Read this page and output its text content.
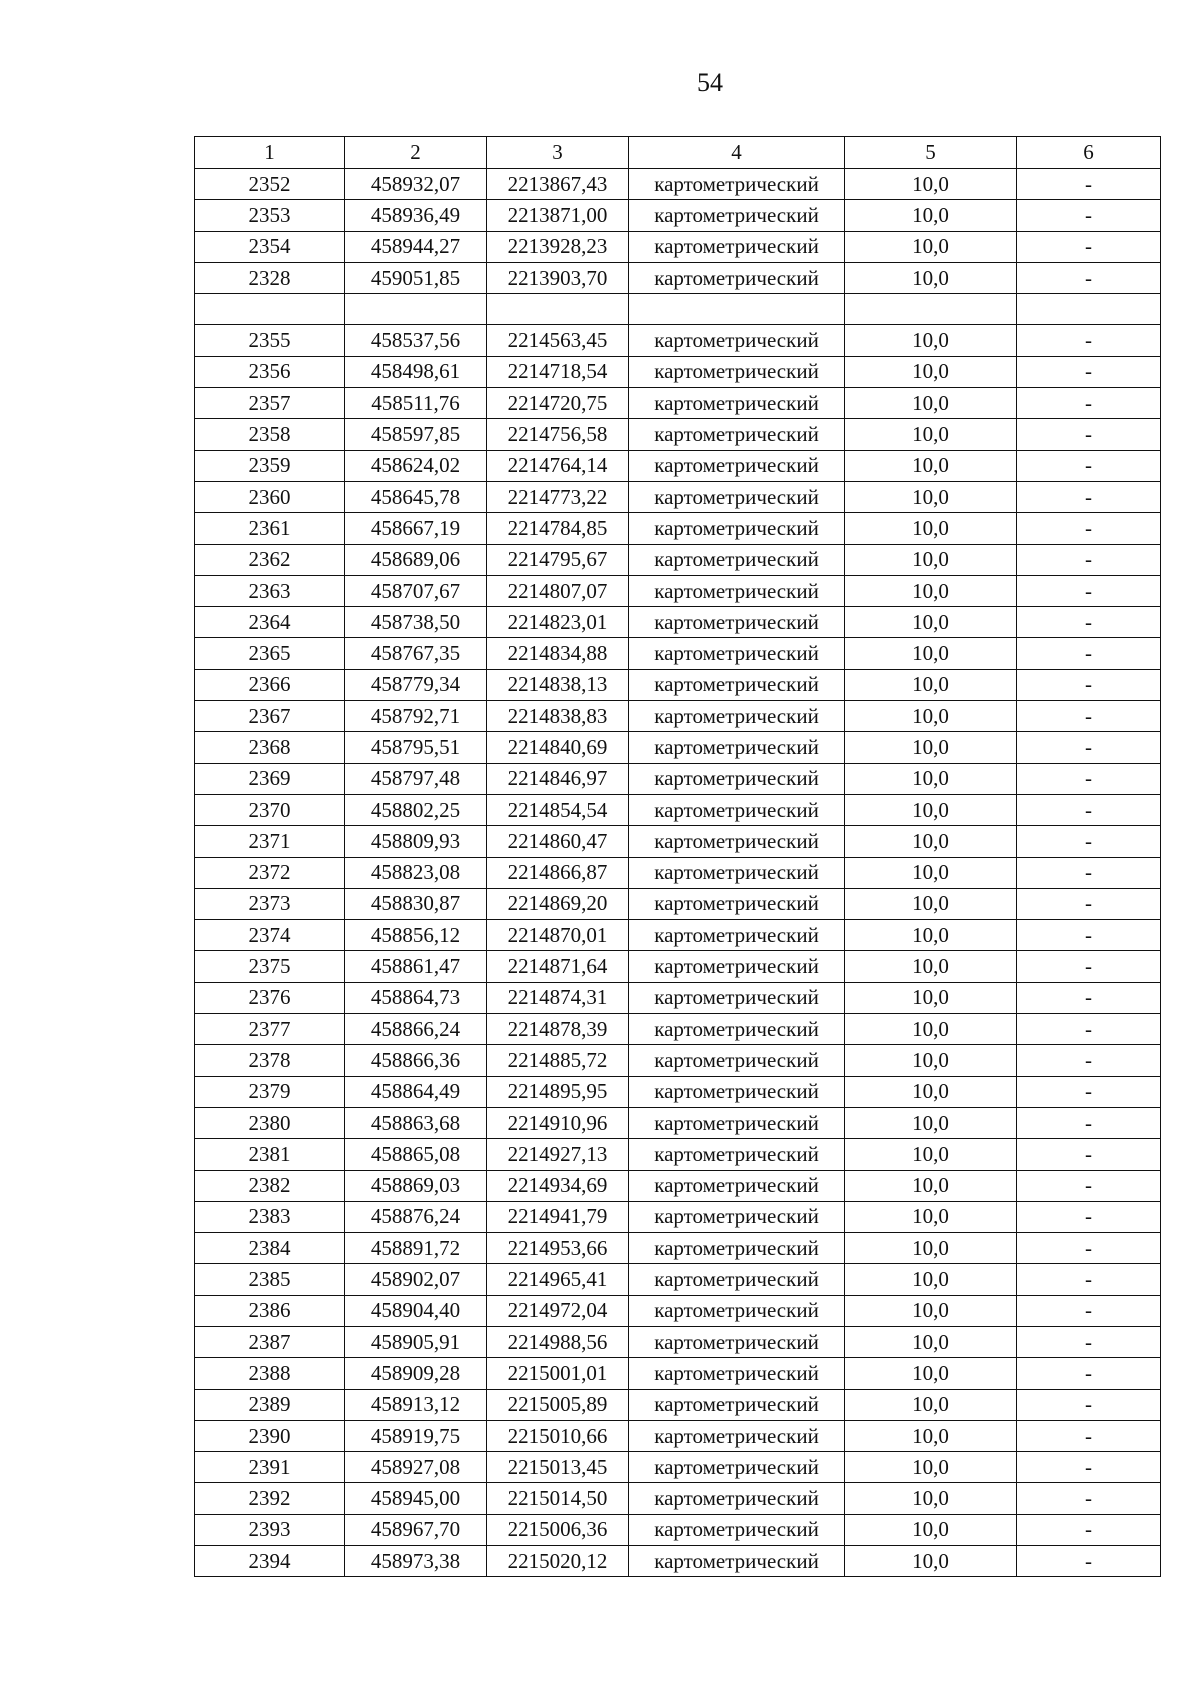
54
1	2	3	4	5	6
2352	458932,07	2213867,43	картометрический	10,0	-
2353	458936,49	2213871,00	картометрический	10,0	-
2354	458944,27	2213928,23	картометрический	10,0	-
2328	459051,85	2213903,70	картометрический	10,0	-

2355	458537,56	2214563,45	картометрический	10,0	-
2356	458498,61	2214718,54	картометрический	10,0	-
2357	458511,76	2214720,75	картометрический	10,0	-
2358	458597,85	2214756,58	картометрический	10,0	-
2359	458624,02	2214764,14	картометрический	10,0	-
2360	458645,78	2214773,22	картометрический	10,0	-
2361	458667,19	2214784,85	картометрический	10,0	-
2362	458689,06	2214795,67	картометрический	10,0	-
2363	458707,67	2214807,07	картометрический	10,0	-
2364	458738,50	2214823,01	картометрический	10,0	-
2365	458767,35	2214834,88	картометрический	10,0	-
2366	458779,34	2214838,13	картометрический	10,0	-
2367	458792,71	2214838,83	картометрический	10,0	-
2368	458795,51	2214840,69	картометрический	10,0	-
2369	458797,48	2214846,97	картометрический	10,0	-
2370	458802,25	2214854,54	картометрический	10,0	-
2371	458809,93	2214860,47	картометрический	10,0	-
2372	458823,08	2214866,87	картометрический	10,0	-
2373	458830,87	2214869,20	картометрический	10,0	-
2374	458856,12	2214870,01	картометрический	10,0	-
2375	458861,47	2214871,64	картометрический	10,0	-
2376	458864,73	2214874,31	картометрический	10,0	-
2377	458866,24	2214878,39	картометрический	10,0	-
2378	458866,36	2214885,72	картометрический	10,0	-
2379	458864,49	2214895,95	картометрический	10,0	-
2380	458863,68	2214910,96	картометрический	10,0	-
2381	458865,08	2214927,13	картометрический	10,0	-
2382	458869,03	2214934,69	картометрический	10,0	-
2383	458876,24	2214941,79	картометрический	10,0	-
2384	458891,72	2214953,66	картометрический	10,0	-
2385	458902,07	2214965,41	картометрический	10,0	-
2386	458904,40	2214972,04	картометрический	10,0	-
2387	458905,91	2214988,56	картометрический	10,0	-
2388	458909,28	2215001,01	картометрический	10,0	-
2389	458913,12	2215005,89	картометрический	10,0	-
2390	458919,75	2215010,66	картометрический	10,0	-
2391	458927,08	2215013,45	картометрический	10,0	-
2392	458945,00	2215014,50	картометрический	10,0	-
2393	458967,70	2215006,36	картометрический	10,0	-
2394	458973,38	2215020,12	картометрический	10,0	-
